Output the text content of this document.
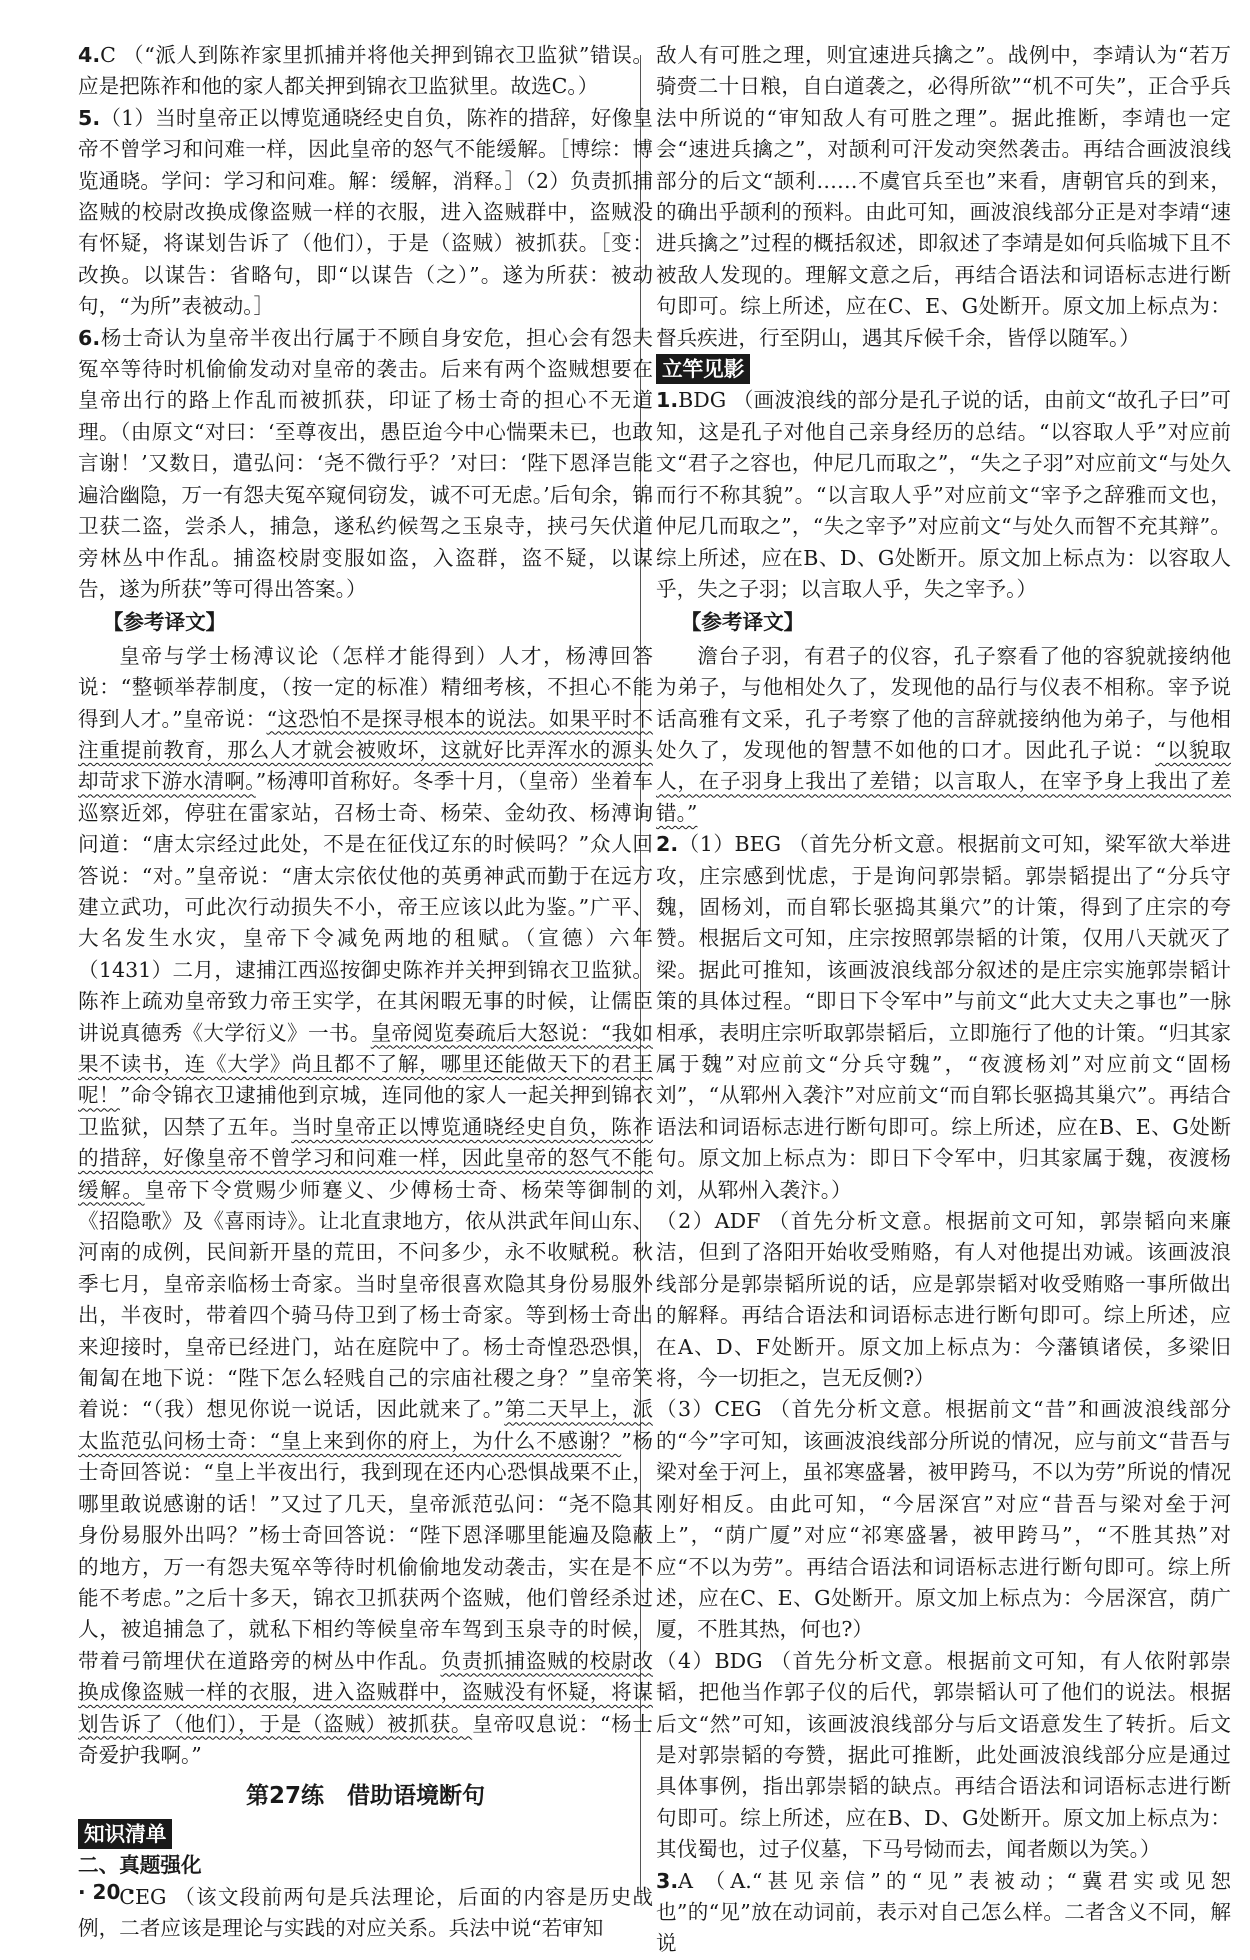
4.C （“派人到陈祚家里抓捕并将他关押到锦衣卫监狱”错误。应是把陈祚和他的家人都关押到锦衣卫监狱里。故选C。）

5.（1）当时皇帝正以博览通晓经史自负，陈祚的措辞，好像皇帝不曾学习和问难一样，因此皇帝的怒气不能缓解。［博综：博览通晓。学问：学习和问难。解：缓解，消释。］（2）负责抓捕盗贼的校尉改换成像盗贼一样的衣服，进入盗贼群中，盗贼没有怀疑，将谋划告诉了（他们），于是（盗贼）被抓获。［变：改换。以谋告：省略句，即“以谋告（之）”。遂为所获：被动句，“为所”表被动。］

6.杨士奇认为皇帝半夜出行属于不顾自身安危，担心会有怨夫冤卒等待时机偷偷发动对皇帝的袭击。后来有两个盗贼想要在皇帝出行的路上作乱而被抓获，印证了杨士奇的担心不无道理。（由原文“对曰：‘至尊夜出，愚臣迨今中心惴栗未已，也敢言谢！’又数日，遣弘问：‘尧不微行乎？’对曰：‘陛下恩泽岂能遍洽幽隐，万一有怨夫冤卒窥伺窃发，诚不可无虑。’后旬余，锦卫获二盗，尝杀人，捕急，遂私约候驾之玉泉寺，挟弓矢伏道旁林丛中作乱。捕盗校尉变服如盗，入盗群，盗不疑，以谋告，遂为所获”等可得出答案。）

【参考译文】

皇帝与学士杨溥议论（怎样才能得到）人才，杨溥回答说：“整顿举荐制度，（按一定的标准）精细考核，不担心不能得到人才。”皇帝说：“这恐怕不是探寻根本的说法。如果平时不注重提前教育，那么人才就会被败坏，这就好比弄浑水的源头却苛求下游水清啊。”杨溥叩首称好。冬季十月，（皇帝）坐着车巡察近郊，停驻在雷家站，召杨士奇、杨荣、金幼孜、杨溥询问道：“唐太宗经过此处，不是在征伐辽东的时候吗？”众人回答说：“对。”皇帝说：“唐太宗依仗他的英勇神武而勤于在远方建立武功，可此次行动损失不小，帝王应该以此为鉴。”广平、大名发生水灾，皇帝下令减免两地的租赋。（宣德）六年（1431）二月，逮捕江西巡按御史陈祚并关押到锦衣卫监狱。陈祚上疏劝皇帝致力帝王实学，在其闲暇无事的时候，让儒臣讲说真德秀《大学衍义》一书。皇帝阅览奏疏后大怒说：“我如果不读书，连《大学》尚且都不了解，哪里还能做天下的君王呢！”命令锦衣卫逮捕他到京城，连同他的家人一起关押到锦衣卫监狱，囚禁了五年。当时皇帝正以博览通晓经史自负，陈祚的措辞，好像皇帝不曾学习和问难一样，因此皇帝的怒气不能缓解。皇帝下令赏赐少师蹇义、少傅杨士奇、杨荣等御制的《招隐歌》及《喜雨诗》。让北直隶地方，依从洪武年间山东、河南的成例，民间新开垦的荒田，不问多少，永不收赋税。秋季七月，皇帝亲临杨士奇家。当时皇帝很喜欢隐其身份易服外出，半夜时，带着四个骑马侍卫到了杨士奇家。等到杨士奇出来迎接时，皇帝已经进门，站在庭院中了。杨士奇惶恐恐惧，匍匐在地下说：“陛下怎么轻贱自己的宗庙社稷之身？”皇帝笑着说：“（我）想见你说一说话，因此就来了。”第二天早上，派太监范弘问杨士奇：“皇上来到你的府上，为什么不感谢？”杨士奇回答说：“皇上半夜出行，我到现在还内心恐惧战栗不止，哪里敢说感谢的话！”又过了几天，皇帝派范弘问：“尧不隐其身份易服外出吗？”杨士奇回答说：“陛下恩泽哪里能遍及隐蔽的地方，万一有怨夫冤卒等待时机偷偷地发动袭击，实在是不能不考虑。”之后十多天，锦衣卫抓获两个盗贼，他们曾经杀过人，被追捕急了，就私下相约等候皇帝车驾到玉泉寺的时候，带着弓箭埋伏在道路旁的树丛中作乱。负责抓捕盗贼的校尉改换成像盗贼一样的衣服，进入盗贼群中，盗贼没有怀疑，将谋划告诉了（他们），于是（盗贼）被抓获。皇帝叹息说：“杨士奇爱护我啊。”

第27练　借助语境断句

知识清单

二、真题强化

CEG （该文段前两句是兵法理论，后面的内容是历史战例，二者应该是理论与实践的对应关系。兵法中说“若审知

敌人有可胜之理，则宜速进兵擒之”。战例中，李靖认为“若万骑赍二十日粮，自白道袭之，必得所欲”“机不可失”，正合乎兵法中所说的“审知敌人有可胜之理”。据此推断，李靖也一定会“速进兵擒之”，对颉利可汗发动突然袭击。再结合画波浪线部分的后文“颉利……不虞官兵至也”来看，唐朝官兵的到来，的确出乎颉利的预料。由此可知，画波浪线部分正是对李靖“速进兵擒之”过程的概括叙述，即叙述了李靖是如何兵临城下且不被敌人发现的。理解文意之后，再结合语法和词语标志进行断句即可。综上所述，应在C、E、G处断开。原文加上标点为：督兵疾进，行至阴山，遇其斥候千余，皆俘以随军。）

立竿见影

1.BDG （画波浪线的部分是孔子说的话，由前文“故孔子曰”可知，这是孔子对他自己亲身经历的总结。“以容取人乎”对应前文“君子之容也，仲尼几而取之”，“失之子羽”对应前文“与处久而行不称其貌”。“以言取人乎”对应前文“宰予之辞雅而文也，仲尼几而取之”，“失之宰予”对应前文“与处久而智不充其辩”。综上所述，应在B、D、G处断开。原文加上标点为：以容取人乎，失之子羽；以言取人乎，失之宰予。）

【参考译文】

澹台子羽，有君子的仪容，孔子察看了他的容貌就接纳他为弟子，与他相处久了，发现他的品行与仪表不相称。宰予说话高雅有文采，孔子考察了他的言辞就接纳他为弟子，与他相处久了，发现他的智慧不如他的口才。因此孔子说：“以貌取人，在子羽身上我出了差错；以言取人，在宰予身上我出了差错。”

2.（1）BEG （首先分析文意。根据前文可知，梁军欲大举进攻，庄宗感到忧虑，于是询问郭崇韬。郭崇韬提出了“分兵守魏，固杨刘，而自郓长驱捣其巢穴”的计策，得到了庄宗的夸赞。根据后文可知，庄宗按照郭崇韬的计策，仅用八天就灭了梁。据此可推知，该画波浪线部分叙述的是庄宗实施郭崇韬计策的具体过程。“即日下令军中”与前文“此大丈夫之事也”一脉相承，表明庄宗听取郭崇韬后，立即施行了他的计策。“归其家属于魏”对应前文“分兵守魏”，“夜渡杨刘”对应前文“固杨刘”，“从郓州入袭汴”对应前文“而自郓长驱捣其巢穴”。再结合语法和词语标志进行断句即可。综上所述，应在B、E、G处断句。原文加上标点为：即日下令军中，归其家属于魏，夜渡杨刘，从郓州入袭汴。）

（2）ADF （首先分析文意。根据前文可知，郭崇韬向来廉洁，但到了洛阳开始收受贿赂，有人对他提出劝诫。该画波浪线部分是郭崇韬所说的话，应是郭崇韬对收受贿赂一事所做出的解释。再结合语法和词语标志进行断句即可。综上所述，应在A、D、F处断开。原文加上标点为：今藩镇诸侯，多梁旧将，今一切拒之，岂无反侧?）

（3）CEG （首先分析文意。根据前文“昔”和画波浪线部分的“今”字可知，该画波浪线部分所说的情况，应与前文“昔吾与梁对垒于河上，虽祁寒盛暑，被甲跨马，不以为劳”所说的情况刚好相反。由此可知，“今居深宫”对应“昔吾与梁对垒于河上”，“荫广厦”对应“祁寒盛暑，被甲跨马”，“不胜其热”对应“不以为劳”。再结合语法和词语标志进行断句即可。综上所述，应在C、E、G处断开。原文加上标点为：今居深宫，荫广厦，不胜其热，何也?）

（4）BDG （首先分析文意。根据前文可知，有人依附郭崇韬，把他当作郭子仪的后代，郭崇韬认可了他们的说法。根据后文“然”可知，该画波浪线部分与后文语意发生了转折。后文是对郭崇韬的夸赞，据此可推断，此处画波浪线部分应是通过具体事例，指出郭崇韬的缺点。再结合语法和词语标志进行断句即可。综上所述，应在B、D、G处断开。原文加上标点为：其伐蜀也，过子仪墓，下马号恸而去，闻者颇以为笑。）

3.A （A.“甚见亲信”的“见”表被动；“冀君实或见恕也”的“见”放在动词前，表示对自己怎么样。二者含义不同，解说

· 20 ·
